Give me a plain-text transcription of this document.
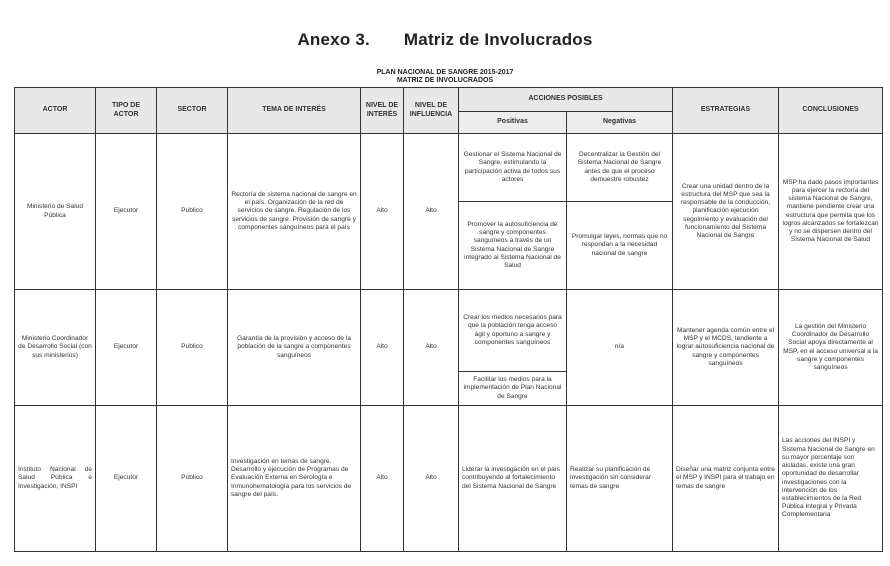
Anexo 3. Matriz de Involucrados
PLAN NACIONAL DE SANGRE 2015-2017
MATRIZ DE INVOLUCRADOS
ACTOR	TIPO DE ACTOR	SECTOR	TEMA DE INTERÉS	NIVEL DE INTERÉS	NIVEL DE INFLUENCIA	ACCIONES POSIBLES		ESTRATEGIAS	CONCLUSIONES
						Positivas	Negativas		
Ministerio de Salud Pública	Ejecutor	Público	Rectoría de sistema nacional de sangre en el país. Organización de la red de servicios de sangre. Regulación de los servicios de sangre. Provisión de sangre y componentes sanguíneos para el país	Alto	Alto	Gestionar el Sistema Nacional de Sangre, estimulando la participación activa de todos sus actores	Decentralizar la Gestión del Sistema Nacional de Sangre antes de que el proceso demuestre robustez	Crear una unidad dentro de la estructura del MSP que sea la responsable de la conducción, planificación ejecución seguimiento y evaluación del funcionamiento del Sistema Nacional de Sangre	MSP ha dado pasos importantes para ejercer la rectoría del sistema Nacional de Sangre, mantiene pendiente crear una estructura que permita que los logros alcanzados se fortalezcan y no se dispersen dentro del Sistema Nacional de Salud
						Promover la autosuficiencia de sangre y componentes sanguíneos a través de un Sistema Nacional de Sangre integrado al Sistema Nacional de Salud	Promulgar leyes, normas que no respondan a la necesidad nacional de sangre		
Ministerio Coordinador de Desarrollo Social (con sus ministerios)	Ejecutor	Público	Garantía de la provisión y acceso de la población de la sangre a componentes sanguíneos	Alto	Alto	Crear los medios necesarios para que la población tenga acceso ágil y oportuno a sangre y componentes sanguíneos	n/a	Mantener agenda común entre el MSP y el MCDS, tendiente a lograr autosuficiencia nacional de sangre y componentes sanguíneos	La gestión del Ministerio Coordinador de Desarrollo Social apoya directamente al MSP, en el acceso universal a la sangre y componentes sanguíneos
						Facilitar los medios para la implementación de Plan Nacional de Sangre			
Instituto Nacional de Salud Pública e Investigación, INSPI	Ejecutor	Público	Investigación en temas de sangre. Desarrollo y ejecución de Programas de Evaluación Externa en Serología e Inmunohematología para los servicios de sangre del país.	Alto	Alto	Liderar la investigación en el país contribuyendo al fortalecimiento del Sistema Nacional de Sangre	Realizar su planificación de investigación sin considerar temas de sangre	Diseñar una matriz conjunta entre el MSP y INSPI para el trabajo en temas de sangre	Las acciones del INSPI y Sistema Nacional de Sangre en su mayor porcentaje son aisladas, existe una gran oportunidad de desarrollar investigaciones con la intervención de los establecimientos de la Red Pública Integral y Privada Complementaria
